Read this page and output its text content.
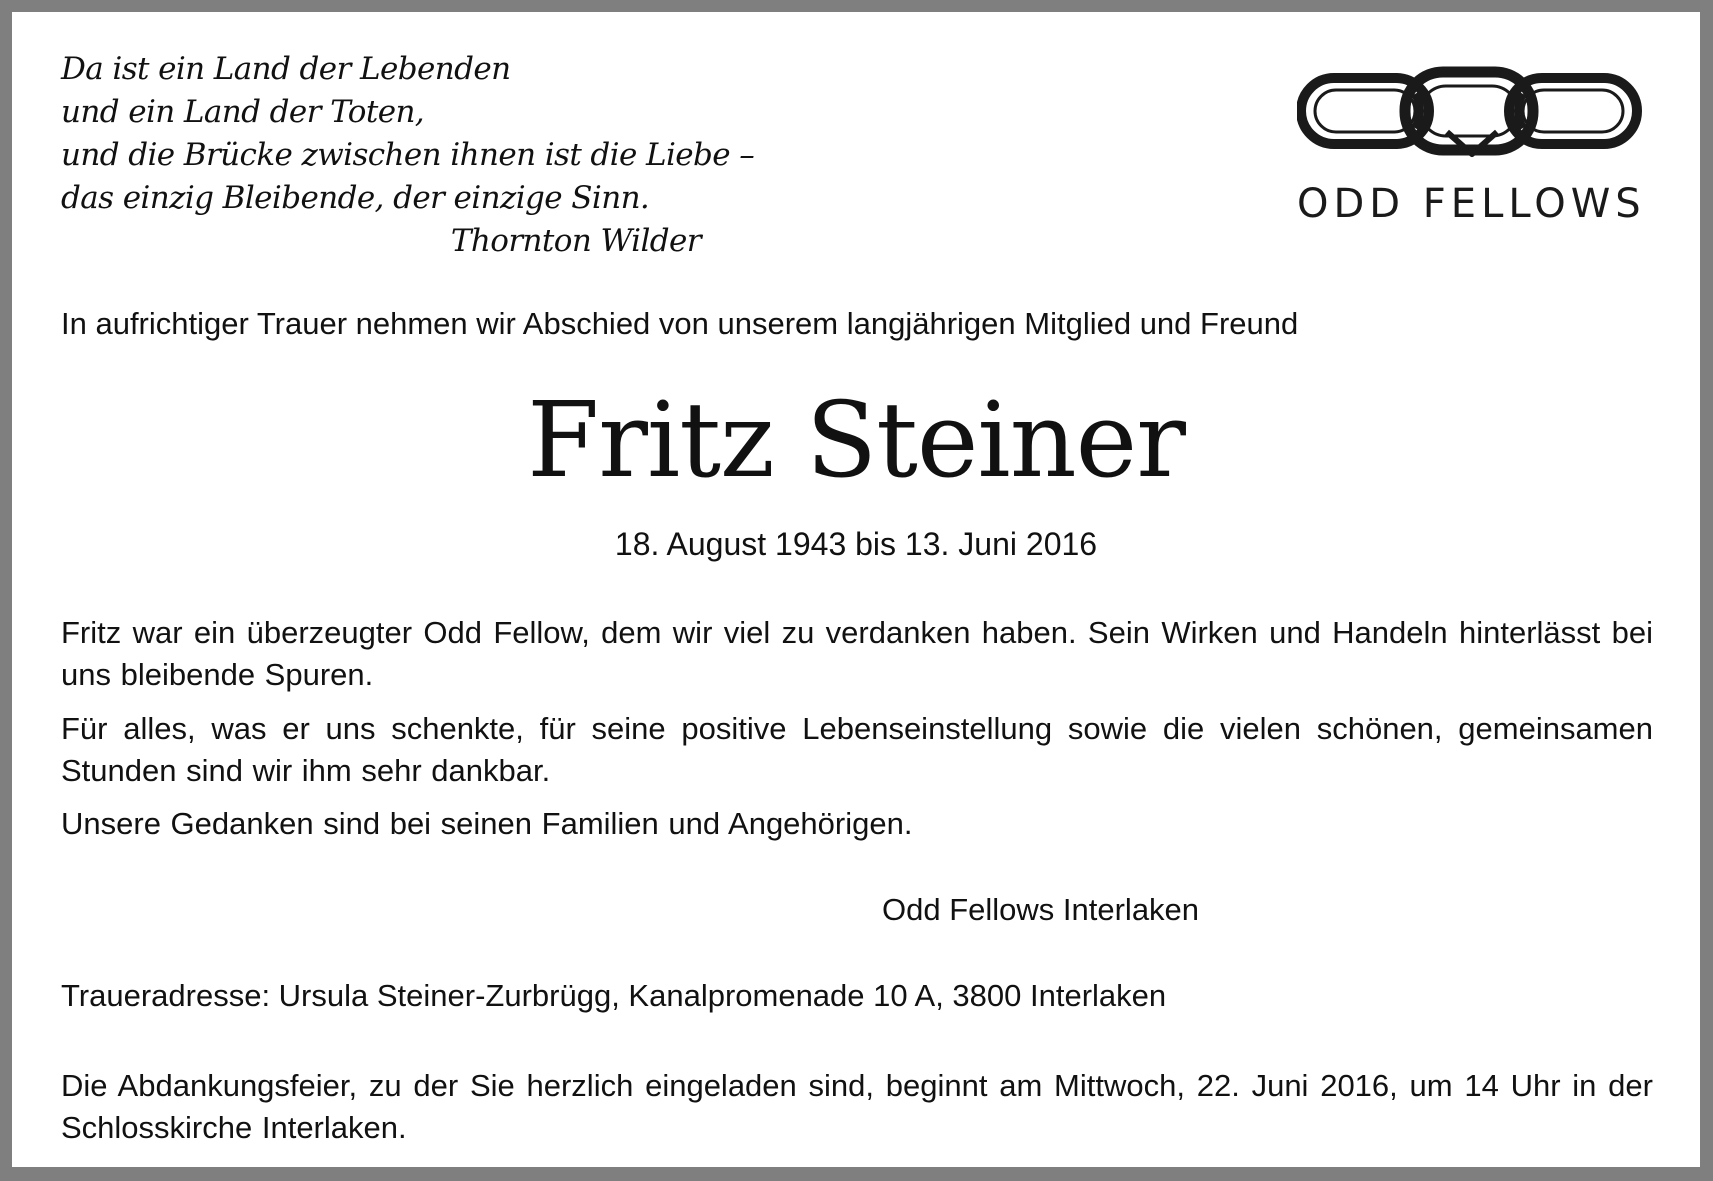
Da ist ein Land der Lebenden
und ein Land der Toten,
und die Brücke zwischen ihnen ist die Liebe –
das einzig Bleibende, der einzige Sinn.
Thornton Wilder
ODD FELLOWS
In aufrichtiger Trauer nehmen wir Abschied von unserem langjährigen Mitglied und Freund
Fritz Steiner
18. August 1943 bis 13. Juni 2016
Fritz war ein überzeugter Odd Fellow, dem wir viel zu verdanken haben. Sein Wirken und Handeln hinterlässt bei uns bleibende Spuren.
Für alles, was er uns schenkte, für seine positive Lebenseinstellung sowie die vielen schönen, gemeinsamen Stunden sind wir ihm sehr dankbar.
Unsere Gedanken sind bei seinen Familien und Angehörigen.
Odd Fellows Interlaken
Traueradresse: Ursula Steiner-Zurbrügg, Kanalpromenade 10 A, 3800 Interlaken
Die Abdankungsfeier, zu der Sie herzlich eingeladen sind, beginnt am Mittwoch, 22. Juni 2016, um 14 Uhr in der Schlosskirche Interlaken.
